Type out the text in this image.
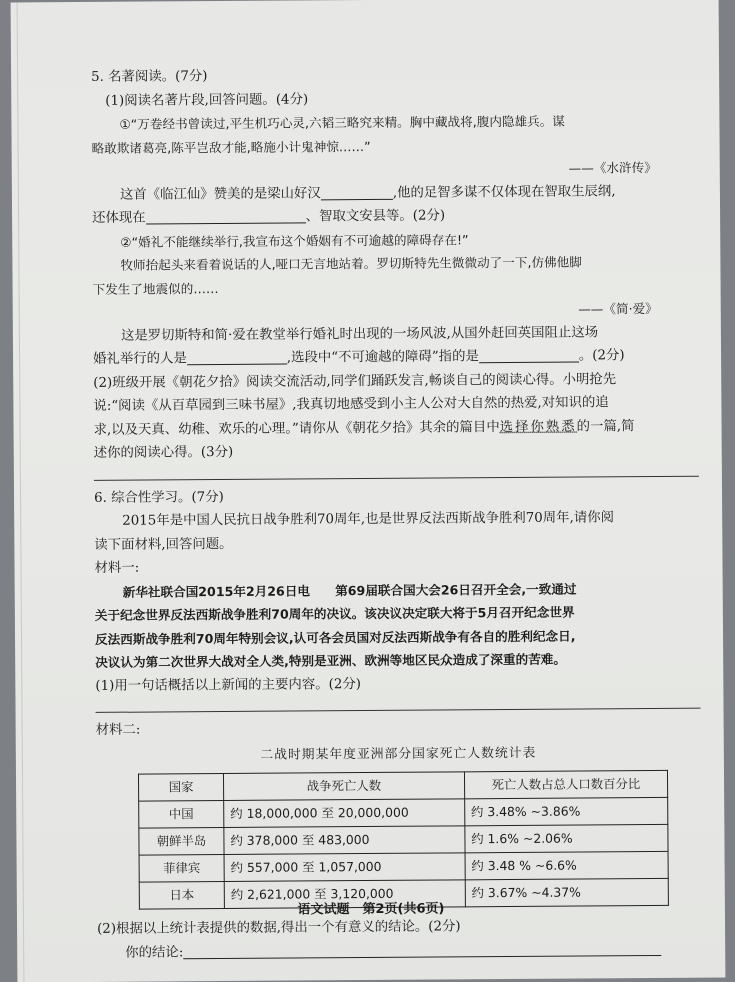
5. 名著阅读。(7分)
(1)阅读名著片段,回答问题。(4分)
①“万卷经书曾读过,平生机巧心灵,六韬三略究来精。胸中藏战将,腹内隐雄兵。谋
略敢欺诸葛亮,陈平岂敌才能,略施小计鬼神惊……”
——《水浒传》
这首《临江仙》赞美的是梁山好汉	,他的足智多谋不仅体现在智取生辰纲,
还体现在	、智取文安县等。(2分)
②“婚礼不能继续举行,我宣布这个婚姻有不可逾越的障碍存在!”
牧师抬起头来看着说话的人,哑口无言地站着。罗切斯特先生微微动了一下,仿佛他脚
下发生了地震似的……
——《简·爱》
这是罗切斯特和简·爱在教堂举行婚礼时出现的一场风波,从国外赶回英国阻止这场
婚礼举行的人是	,选段中“不可逾越的障碍”指的是	。(2分)
(2)班级开展《朝花夕拾》阅读交流活动,同学们踊跃发言,畅谈自己的阅读心得。小明抢先
说:“阅读《从百草园到三味书屋》,我真切地感受到小主人公对大自然的热爱,对知识的追
求,以及天真、幼稚、欢乐的心理。”请你从《朝花夕拾》其余的篇目中选择你熟悉的一篇,简
述你的阅读心得。(3分)
6. 综合性学习。(7分)
2015年是中国人民抗日战争胜利70周年,也是世界反法西斯战争胜利70周年,请你阅
读下面材料,回答问题。
材料一:
新华社联合国2015年2月26日电　　第69届联合国大会26日召开全会,一致通过
关于纪念世界反法西斯战争胜利70周年的决议。该决议决定联大将于5月召开纪念世界
反法西斯战争胜利70周年特别会议,认可各会员国对反法西斯战争有各自的胜利纪念日,
决议认为第二次世界大战对全人类,特别是亚洲、欧洲等地区民众造成了深重的苦难。
(1)用一句话概括以上新闻的主要内容。(2分)
材料二:
二战时期某年度亚洲部分国家死亡人数统计表
国家	战争死亡人数	死亡人数占总人口数百分比
中国	约 18,000,000 至 20,000,000	约 3.48% ~3.86%
朝鲜半岛	约 378,000 至 483,000	约 1.6% ~2.06%
菲律宾	约 557,000 至 1,057,000	约 3.48 % ~6.6%
日本	约 2,621,000 至 3,120,000	约 3.67% ~4.37%
(2)根据以上统计表提供的数据,得出一个有意义的结论。(2分)
你的结论:
语文试题　第2页(共6页)
